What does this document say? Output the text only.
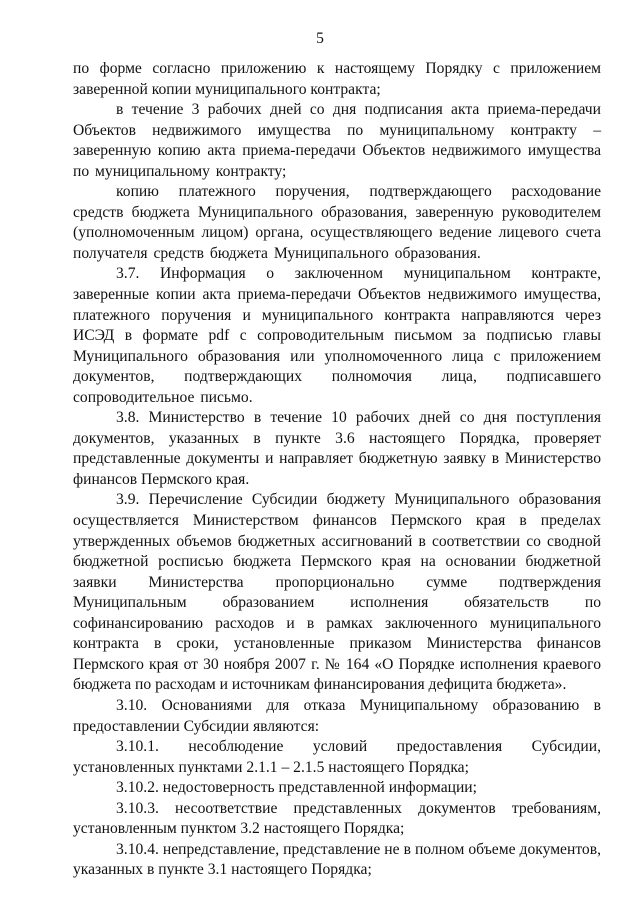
5

по форме согласно приложению к настоящему Порядку с приложением заверенной копии муниципального контракта;

в течение 3 рабочих дней со дня подписания акта приема-передачи Объектов недвижимого имущества по муниципальному контракту – заверенную копию акта приема-передачи Объектов недвижимого имущества по муниципальному контракту;

копию платежного поручения, подтверждающего расходование средств бюджета Муниципального образования, заверенную руководителем (уполномоченным лицом) органа, осуществляющего ведение лицевого счета получателя средств бюджета Муниципального образования.

3.7. Информация о заключенном муниципальном контракте, заверенные копии акта приема-передачи Объектов недвижимого имущества, платежного поручения и муниципального контракта направляются через ИСЭД в формате pdf с сопроводительным письмом за подписью главы Муниципального образования или уполномоченного лица с приложением документов, подтверждающих полномочия лица, подписавшего сопроводительное письмо.

3.8. Министерство в течение 10 рабочих дней со дня поступления документов, указанных в пункте 3.6 настоящего Порядка, проверяет представленные документы и направляет бюджетную заявку в Министерство финансов Пермского края.

3.9. Перечисление Субсидии бюджету Муниципального образования осуществляется Министерством финансов Пермского края в пределах утвержденных объемов бюджетных ассигнований в соответствии со сводной бюджетной росписью бюджета Пермского края на основании бюджетной заявки Министерства пропорционально сумме подтверждения Муниципальным образованием исполнения обязательств по софинансированию расходов и в рамках заключенного муниципального контракта в сроки, установленные приказом Министерства финансов Пермского края от 30 ноября 2007 г. № 164 «О Порядке исполнения краевого бюджета по расходам и источникам финансирования дефицита бюджета».

3.10. Основаниями для отказа Муниципальному образованию в предоставлении Субсидии являются:

3.10.1. несоблюдение условий предоставления Субсидии, установленных пунктами 2.1.1 – 2.1.5 настоящего Порядка;

3.10.2. недостоверность представленной информации;

3.10.3. несоответствие представленных документов требованиям, установленным пунктом 3.2 настоящего Порядка;

3.10.4. непредставление, представление не в полном объеме документов, указанных в пункте 3.1 настоящего Порядка;
